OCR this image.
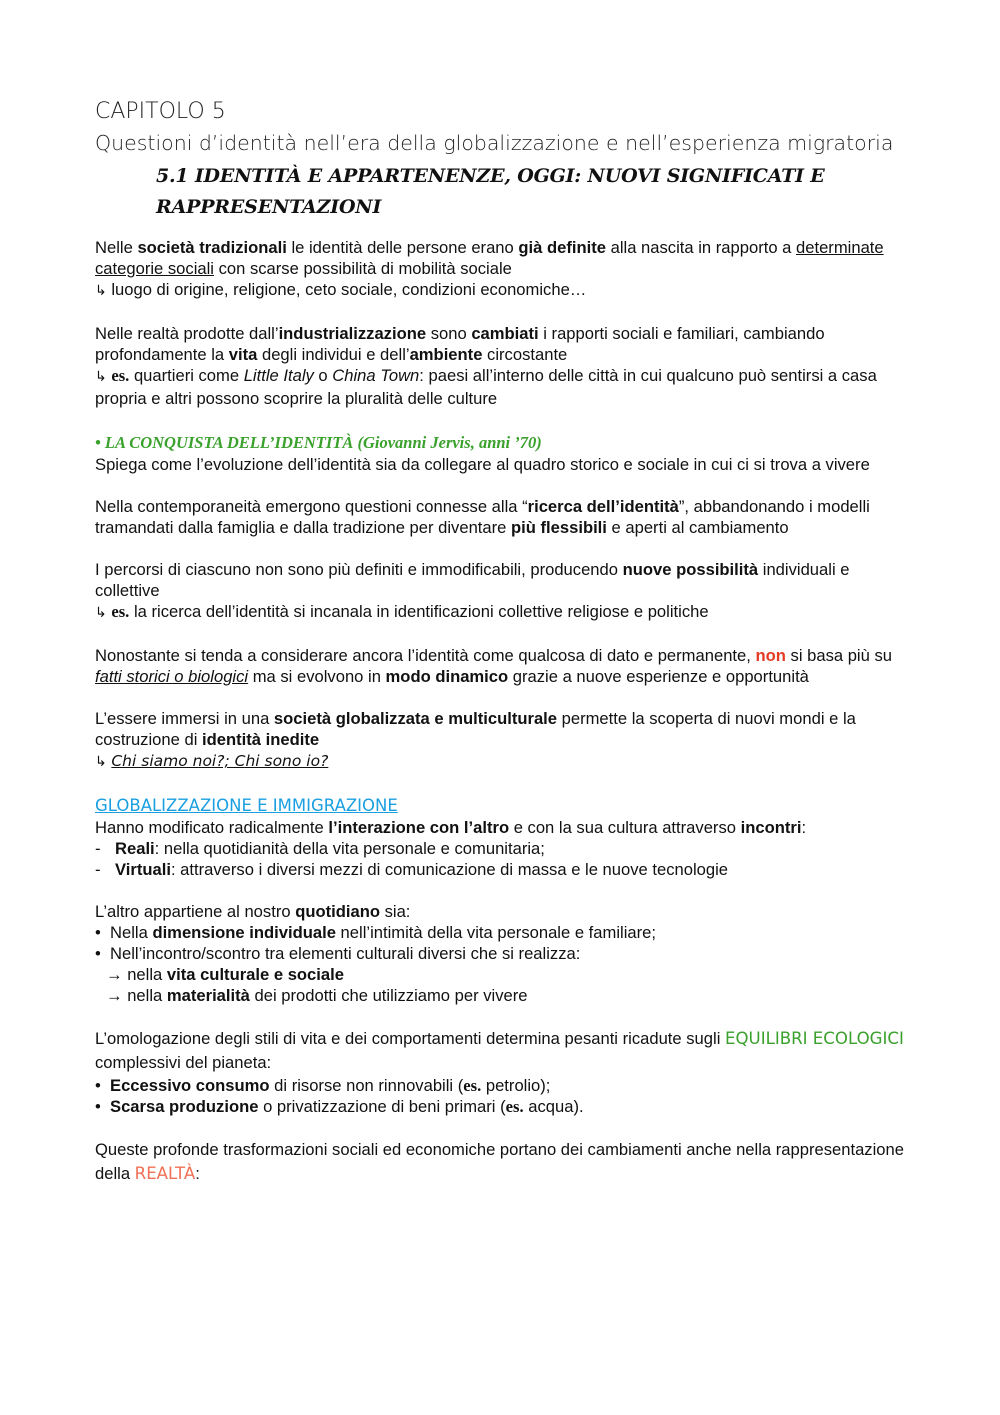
CAPITOLO 5

Questioni d’identità nell’era della globalizzazione e nell’esperienza migratoria

5.1 IDENTITÀ E APPARTENENZE, OGGI: NUOVI SIGNIFICATI E RAPPRESENTAZIONI

Nelle società tradizionali le identità delle persone erano già definite alla nascita in rapporto a determinate categorie sociali con scarse possibilità di mobilità sociale

↳ luogo di origine, religione, ceto sociale, condizioni economiche…

Nelle realtà prodotte dall’industrializzazione sono cambiati i rapporti sociali e familiari, cambiando profondamente la vita degli individui e dell’ambiente circostante

↳ es. quartieri come Little Italy o China Town: paesi all’interno delle città in cui qualcuno può sentirsi a casa propria e altri possono scoprire la pluralità delle culture

• LA CONQUISTA DELL’IDENTITÀ (Giovanni Jervis, anni ’70)

Spiega come l’evoluzione dell’identità sia da collegare al quadro storico e sociale in cui ci si trova a vivere

Nella contemporaneità emergono questioni connesse alla “ricerca dell’identità”, abbandonando i modelli tramandati dalla famiglia e dalla tradizione per diventare più flessibili e aperti al cambiamento

I percorsi di ciascuno non sono più definiti e immodificabili, producendo nuove possibilità individuali e collettive

↳ es. la ricerca dell’identità si incanala in identificazioni collettive religiose e politiche

Nonostante si tenda a considerare ancora l’identità come qualcosa di dato e permanente, non si basa più su fatti storici o biologici ma si evolvono in modo dinamico grazie a nuove esperienze e opportunità

L’essere immersi in una società globalizzata e multiculturale permette la scoperta di nuovi mondi e la costruzione di identità inedite

↳ Chi siamo noi?; Chi sono io?

GLOBALIZZAZIONE E IMMIGRAZIONE

Hanno modificato radicalmente l’interazione con l’altro e con la sua cultura attraverso incontri:

- Reali: nella quotidianità della vita personale e comunitaria;
- Virtuali: attraverso i diversi mezzi di comunicazione di massa e le nuove tecnologie

L’altro appartiene al nostro quotidiano sia:

• Nella dimensione individuale nell’intimità della vita personale e familiare;
• Nell’incontro/scontro tra elementi culturali diversi che si realizza:
→ nella vita culturale e sociale
→ nella materialità dei prodotti che utilizziamo per vivere

L’omologazione degli stili di vita e dei comportamenti determina pesanti ricadute sugli EQUILIBRI ECOLOGICI complessivi del pianeta:

• Eccessivo consumo di risorse non rinnovabili (es. petrolio);
• Scarsa produzione o privatizzazione di beni primari (es. acqua).

Queste profonde trasformazioni sociali ed economiche portano dei cambiamenti anche nella rappresentazione della REALTÀ:
